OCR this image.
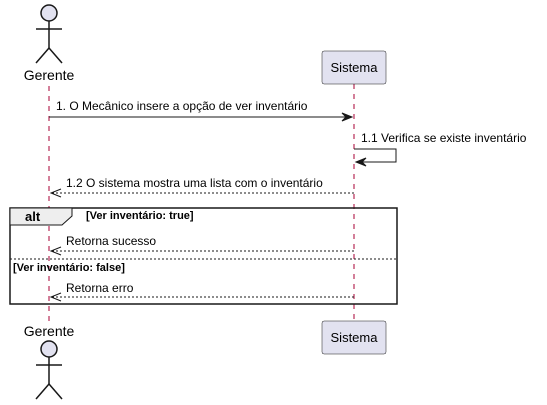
Gerente	Sistema
1. O Mecânico insere a opção de ver inventário
1.1 Verifica se existe inventário
1.2 O sistema mostra uma lista com o inventário
alt	[Ver inventário: true]
[Ver inventário: false]
Retorna sucesso
Retorna erro
Sistema
Gerente
